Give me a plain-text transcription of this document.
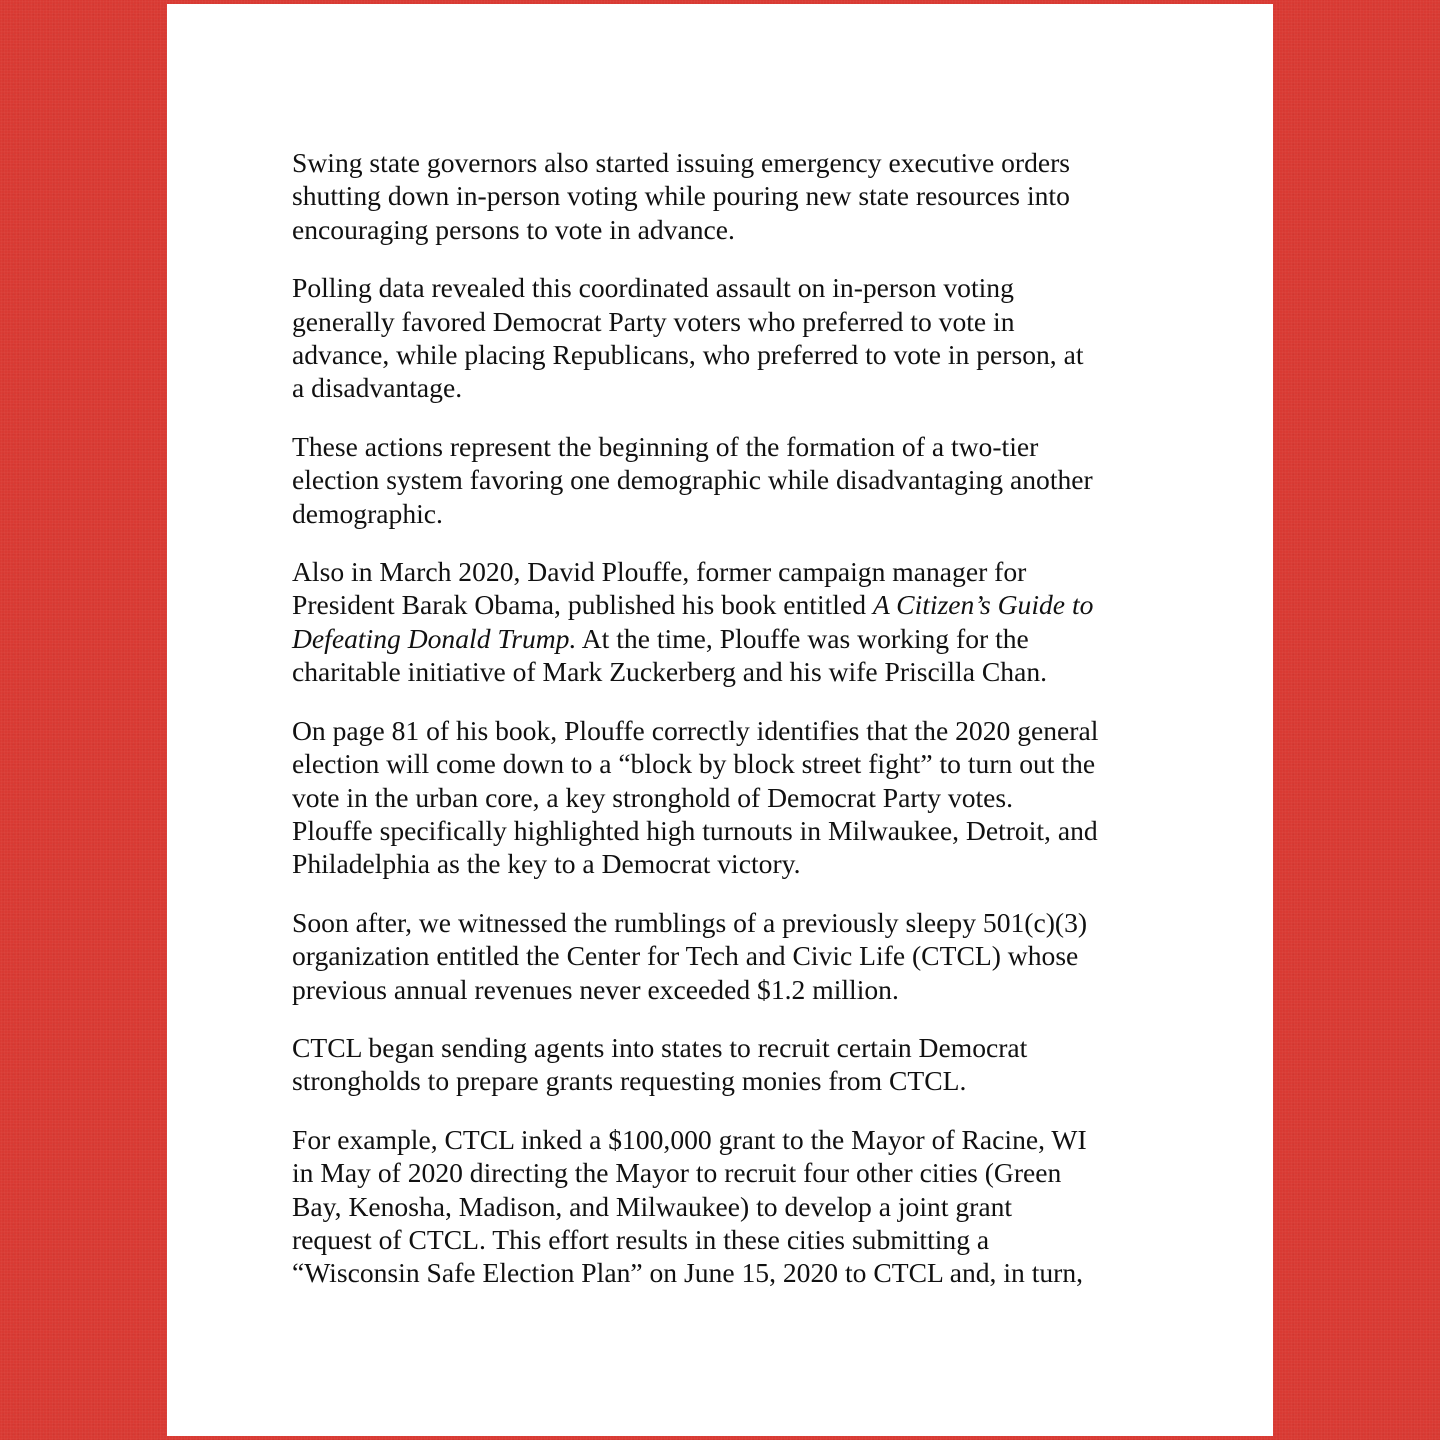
Swing state governors also started issuing emergency executive orders
shutting down in-person voting while pouring new state resources into
encouraging persons to vote in advance.

Polling data revealed this coordinated assault on in-person voting
generally favored Democrat Party voters who preferred to vote in
advance, while placing Republicans, who preferred to vote in person, at
a disadvantage.

These actions represent the beginning of the formation of a two-tier
election system favoring one demographic while disadvantaging another
demographic.

Also in March 2020, David Plouffe, former campaign manager for
President Barak Obama, published his book entitled A Citizen’s Guide to
Defeating Donald Trump. At the time, Plouffe was working for the
charitable initiative of Mark Zuckerberg and his wife Priscilla Chan.

On page 81 of his book, Plouffe correctly identifies that the 2020 general
election will come down to a “block by block street fight” to turn out the
vote in the urban core, a key stronghold of Democrat Party votes.
Plouffe specifically highlighted high turnouts in Milwaukee, Detroit, and
Philadelphia as the key to a Democrat victory.

Soon after, we witnessed the rumblings of a previously sleepy 501(c)(3)
organization entitled the Center for Tech and Civic Life (CTCL) whose
previous annual revenues never exceeded $1.2 million.

CTCL began sending agents into states to recruit certain Democrat
strongholds to prepare grants requesting monies from CTCL.

For example, CTCL inked a $100,000 grant to the Mayor of Racine, WI
in May of 2020 directing the Mayor to recruit four other cities (Green
Bay, Kenosha, Madison, and Milwaukee) to develop a joint grant
request of CTCL. This effort results in these cities submitting a
“Wisconsin Safe Election Plan” on June 15, 2020 to CTCL and, in turn,
